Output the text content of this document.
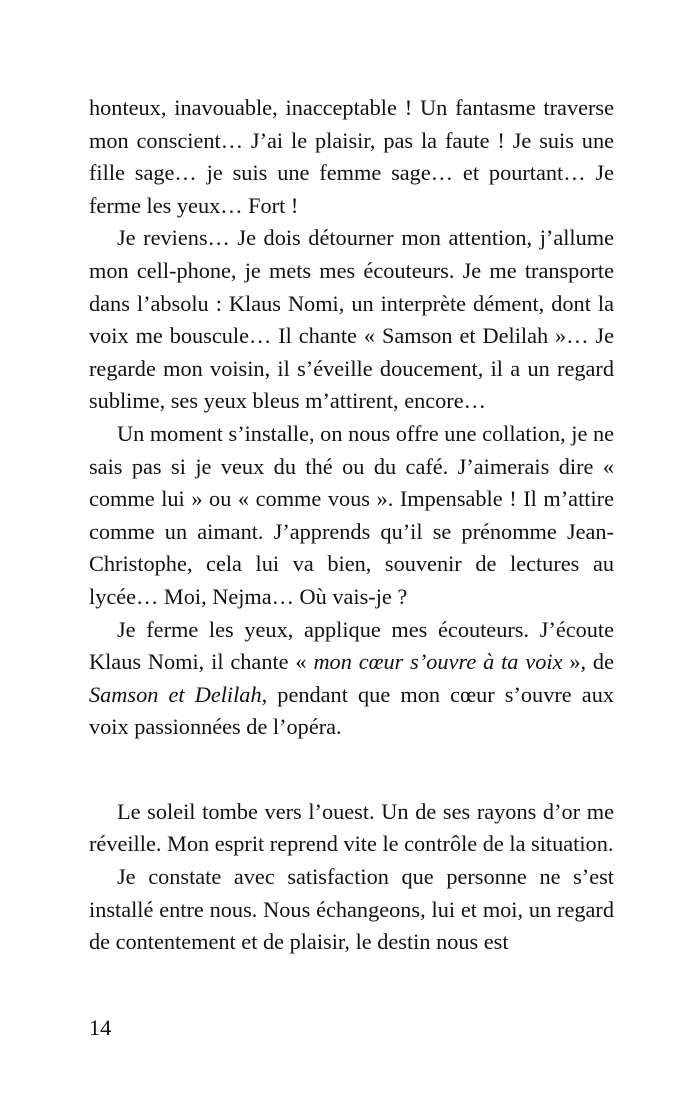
honteux, inavouable, inacceptable ! Un fantasme traverse mon conscient… J’ai le plaisir, pas la faute ! Je suis une fille sage… je suis une femme sage… et pourtant… Je ferme les yeux… Fort !

Je reviens… Je dois détourner mon attention, j’allume mon cell-phone, je mets mes écouteurs. Je me transporte dans l’absolu : Klaus Nomi, un interprète dément, dont la voix me bouscule… Il chante « Samson et Delilah »… Je regarde mon voisin, il s’éveille doucement, il a un regard sublime, ses yeux bleus m’attirent, encore…

Un moment s’installe, on nous offre une collation, je ne sais pas si je veux du thé ou du café. J’aimerais dire « comme lui » ou « comme vous ». Impensable ! Il m’attire comme un aimant. J’apprends qu’il se prénomme Jean-Christophe, cela lui va bien, souvenir de lectures au lycée… Moi, Nejma… Où vais-je ?

Je ferme les yeux, applique mes écouteurs. J’écoute Klaus Nomi, il chante « mon cœur s’ouvre à ta voix », de Samson et Delilah, pendant que mon cœur s’ouvre aux voix passionnées de l’opéra.

Le soleil tombe vers l’ouest. Un de ses rayons d’or me réveille. Mon esprit reprend vite le contrôle de la situation.

Je constate avec satisfaction que personne ne s’est installé entre nous. Nous échangeons, lui et moi, un regard de contentement et de plaisir, le destin nous est

14
